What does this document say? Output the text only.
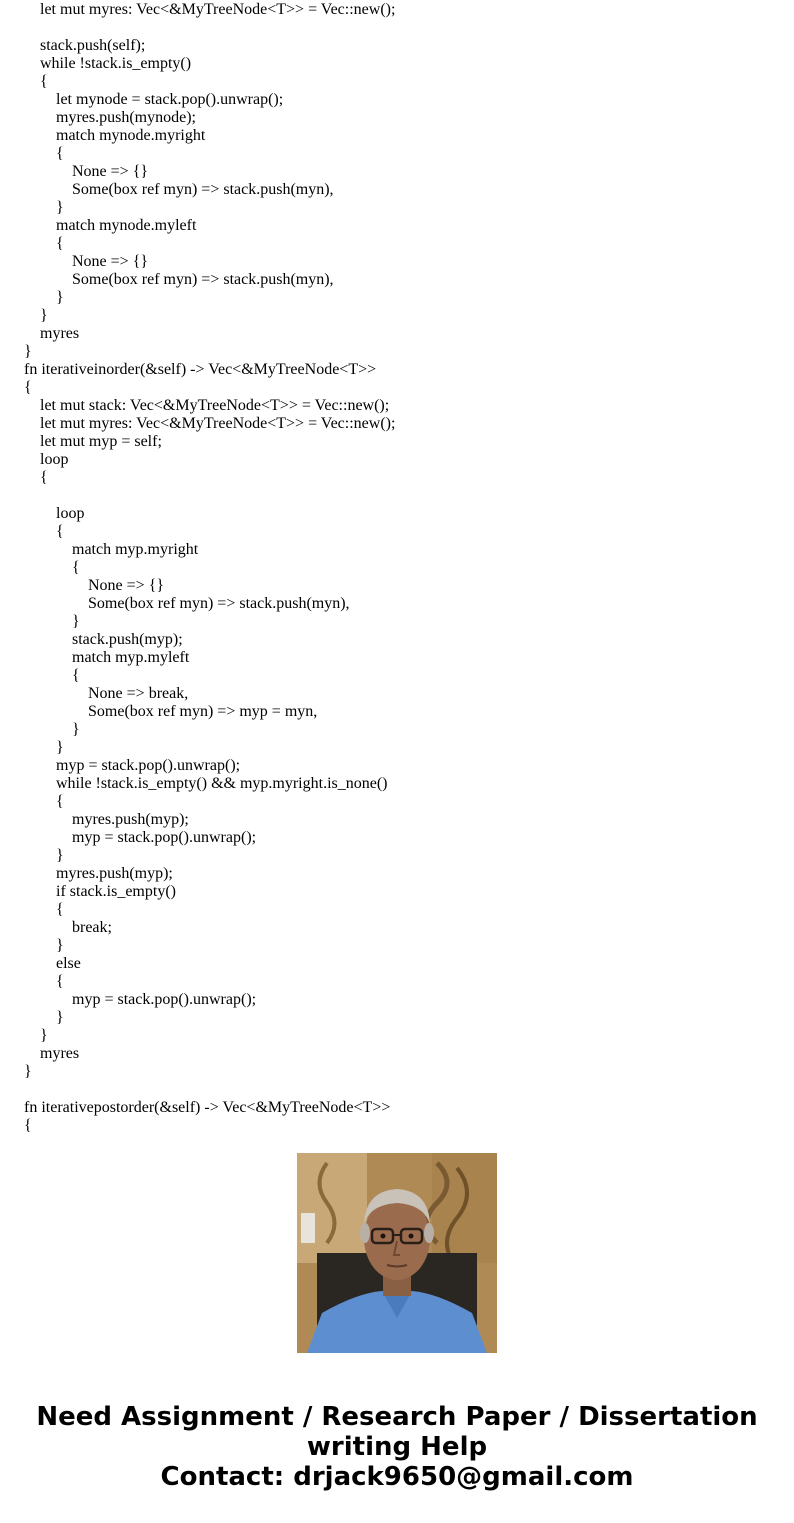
let mut myres: Vec<&MyTreeNode<T>> = Vec::new();
stack.push(self);
while !stack.is_empty()
{
let mynode = stack.pop().unwrap();
myres.push(mynode);
match mynode.myright
{
None => {}
Some(box ref myn) => stack.push(myn),
}
match mynode.myleft
{
None => {}
Some(box ref myn) => stack.push(myn),
}
}
myres
}
fn iterativeinorder(&self) -> Vec<&MyTreeNode<T>>
{
let mut stack: Vec<&MyTreeNode<T>> = Vec::new();
let mut myres: Vec<&MyTreeNode<T>> = Vec::new();
let mut myp = self;
loop
{
loop
{
match myp.myright
{
None => {}
Some(box ref myn) => stack.push(myn),
}
stack.push(myp);
match myp.myleft
{
None => break,
Some(box ref myn) => myp = myn,
}
}
myp = stack.pop().unwrap();
while !stack.is_empty() && myp.myright.is_none()
{
myres.push(myp);
myp = stack.pop().unwrap();
}
myres.push(myp);
if stack.is_empty()
{
break;
}
else
{
myp = stack.pop().unwrap();
}
}
myres
}
fn iterativepostorder(&self) -> Vec<&MyTreeNode<T>>
{
Need Assignment / Research Paper / Dissertation
writing Help
Contact: drjack9650@gmail.com
